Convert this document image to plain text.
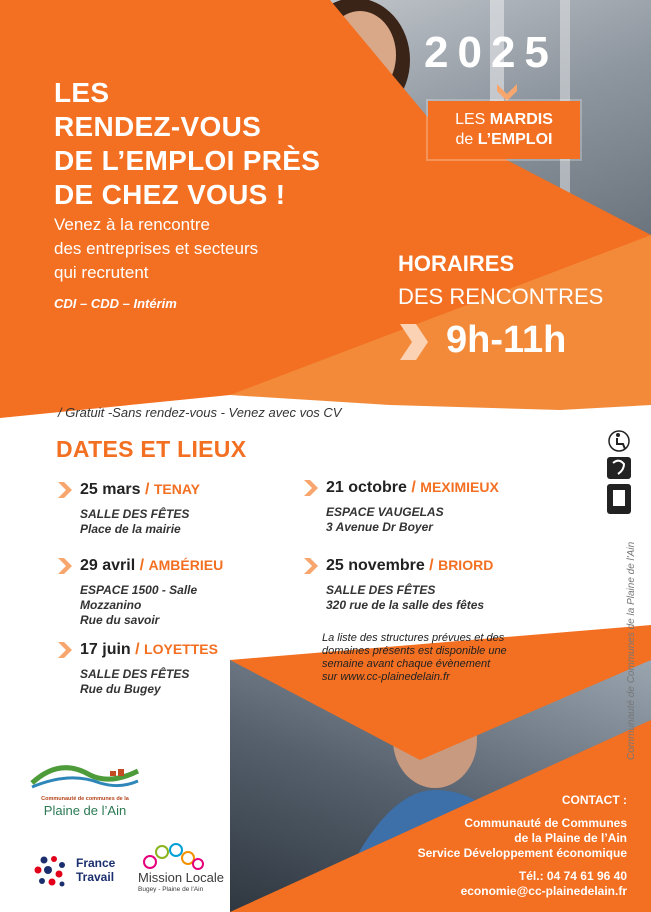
LES
RENDEZ-VOUS
DE L’EMPLOI PRÈS
DE CHEZ VOUS !
Venez à la rencontre
des entreprises et secteurs
qui recrutent
CDI – CDD – Intérim
2025
LES MARDIS
de L’EMPLOI
HORAIRES
DES RENCONTRES
9h-11h
/ Gratuit -Sans rendez-vous - Venez avec vos CV
DATES ET LIEUX
25 mars / TENAY
SALLE DES FÊTES
Place de la mairie
29 avril / AMBÉRIEU
ESPACE 1500 - Salle
Mozzanino
Rue du savoir
17 juin / LOYETTES
SALLE DES FÊTES
Rue du Bugey
21 octobre / MEXIMIEUX
ESPACE VAUGELAS
3 Avenue Dr Boyer
25 novembre / BRIORD
SALLE DES FÊTES
320 rue de la salle des fêtes
La liste des structures prévues et des
domaines présents est disponible une
semaine avant chaque évènement
sur www.cc-plainedelain.fr	Communauté de Communes de la Plaine de l'Ain
CONTACT :
Communauté de Communes
de la Plaine de l’Ain
Service Développement économique
Tél.: 04 74 61 96 40
economie@cc-plainedelain.fr
Communauté de communes de la
Plaine de l’Ain
France
Travail Mission Locale
Bugey - Plaine de l'Ain
